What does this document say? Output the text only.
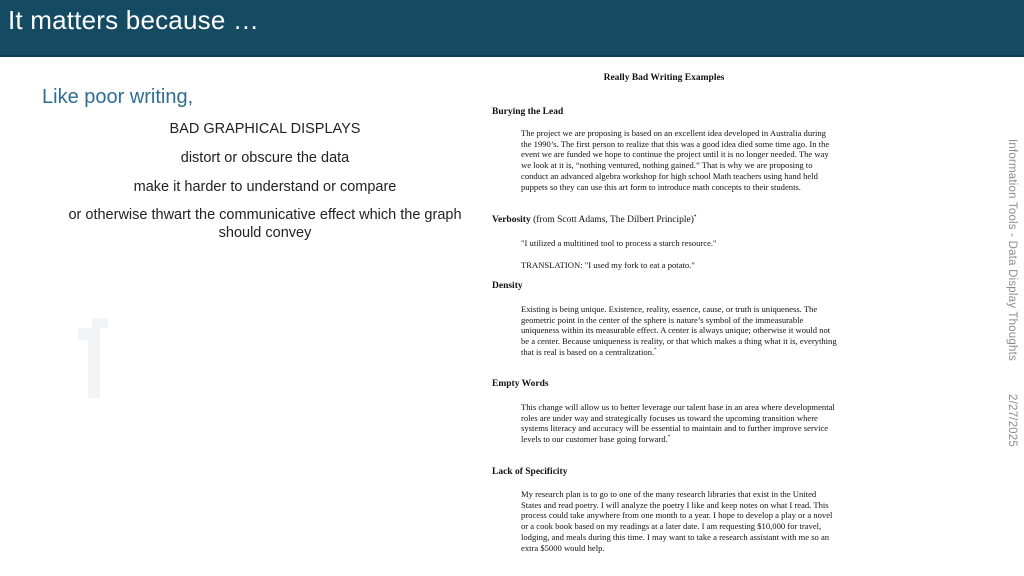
It matters because …
Like poor writing,
BAD GRAPHICAL DISPLAYS
distort or obscure the data
make it harder to understand or compare
or otherwise thwart the communicative effect which the graph should convey
Really Bad Writing Examples
Burying the Lead
The project we are proposing is based on an excellent idea developed in Australia during the 1990’s. The first person to realize that this was a good idea died some time ago. In the event we are funded we hope to continue the project until it is no longer needed. The way we look at it is, “nothing ventured, nothing gained.” That is why we are proposing to conduct an advanced algebra workshop for high school Math teachers using hand held puppets so they can use this art form to introduce math concepts to their students.
Verbosity (from Scott Adams, The Dilbert Principle)*
"I utilized a multitined tool to process a starch resource."
TRANSLATION: "I used my fork to eat a potato."
Density
Existing is being unique. Existence, reality, essence, cause, or truth is uniqueness. The geometric point in the center of the sphere is nature’s symbol of the immeasurable uniqueness within its measurable effect. A center is always unique; otherwise it would not be a center. Because uniqueness is reality, or that which makes a thing what it is, everything that is real is based on a centralization.*
Empty Words
This change will allow us to better leverage our talent base in an area where developmental roles are under way and strategically focuses us toward the upcoming transition where systems literacy and accuracy will be essential to maintain and to further improve service levels to our customer base going forward.*
Lack of Specificity
My research plan is to go to one of the many research libraries that exist in the United States and read poetry. I will analyze the poetry I like and keep notes on what I read. This process could take anywhere from one month to a year. I hope to develop a play or a novel or a cook book based on my readings at a later date. I am requesting $10,000 for travel, lodging, and meals during this time. I may want to take a research assistant with me so an extra $5000 would help.
Information Tools - Data Display Thoughts
2/27/2025
